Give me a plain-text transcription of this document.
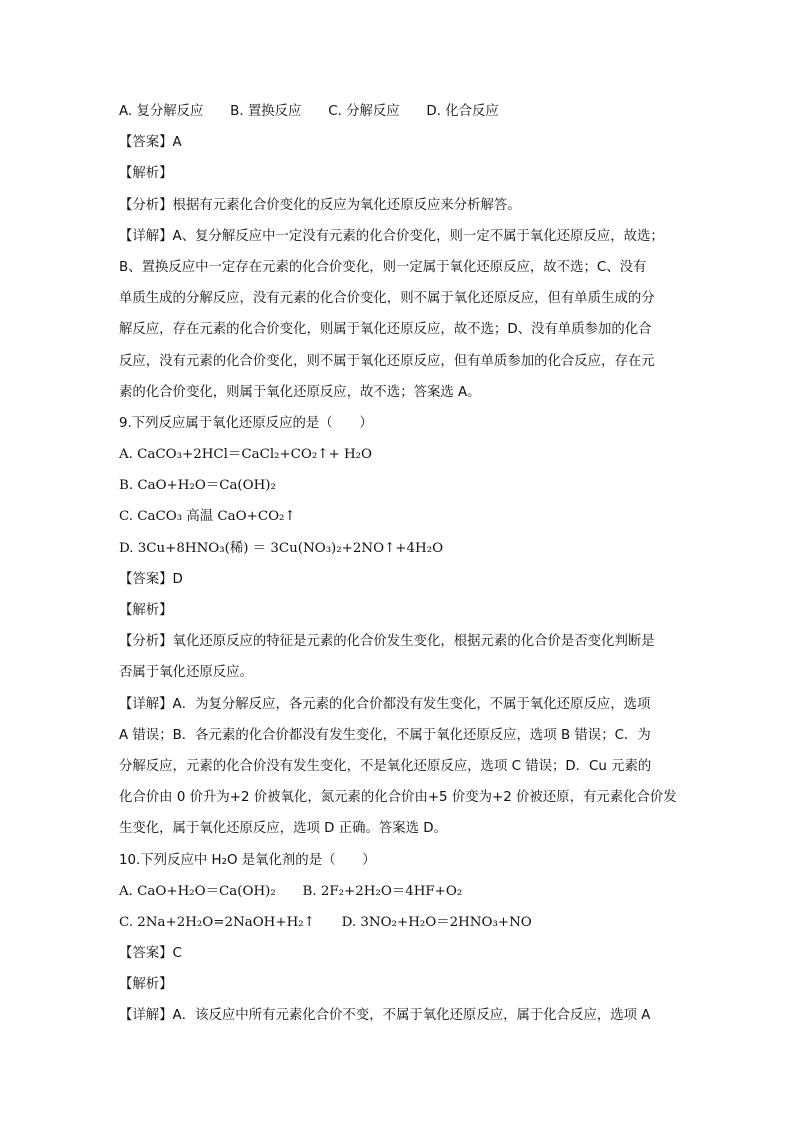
A. 复分解反应　　B. 置换反应　　C. 分解反应　　D. 化合反应
【答案】A
【解析】
【分析】根据有元素化合价变化的反应为氧化还原反应来分析解答。
【详解】A、复分解反应中一定没有元素的化合价变化，则一定不属于氧化还原反应，故选；
B、置换反应中一定存在元素的化合价变化，则一定属于氧化还原反应，故不选；C、没有
单质生成的分解反应，没有元素的化合价变化，则不属于氧化还原反应，但有单质生成的分
解反应，存在元素的化合价变化，则属于氧化还原反应，故不选；D、没有单质参加的化合
反应，没有元素的化合价变化，则不属于氧化还原反应，但有单质参加的化合反应，存在元
素的化合价变化，则属于氧化还原反应，故不选；答案选 A。
9.下列反应属于氧化还原反应的是（　　）
A. CaCO₃+2HCl＝CaCl₂+CO₂↑+ H₂O
B. CaO+H₂O＝Ca(OH)₂
C. CaCO₃ 高温 CaO+CO₂↑
D. 3Cu+8HNO₃(稀) ＝ 3Cu(NO₃)₂+2NO↑+4H₂O
【答案】D
【解析】
【分析】氧化还原反应的特征是元素的化合价发生变化，根据元素的化合价是否变化判断是
否属于氧化还原反应。
【详解】A．为复分解反应，各元素的化合价都没有发生变化，不属于氧化还原反应，选项
A 错误；B．各元素的化合价都没有发生变化，不属于氧化还原反应，选项 B 错误；C．为
分解反应，元素的化合价没有发生变化，不是氧化还原反应，选项 C 错误；D．Cu 元素的
化合价由 0 价升为+2 价被氧化，氮元素的化合价由+5 价变为+2 价被还原，有元素化合价发
生变化，属于氧化还原反应，选项 D 正确。答案选 D。
10.下列反应中 H₂O 是氧化剂的是（　　）
A. CaO+H₂O＝Ca(OH)₂　　B. 2F₂+2H₂O＝4HF+O₂
C. 2Na+2H₂O=2NaOH+H₂↑　　D. 3NO₂+H₂O＝2HNO₃+NO
【答案】C
【解析】
【详解】A．该反应中所有元素化合价不变，不属于氧化还原反应，属于化合反应，选项 A
